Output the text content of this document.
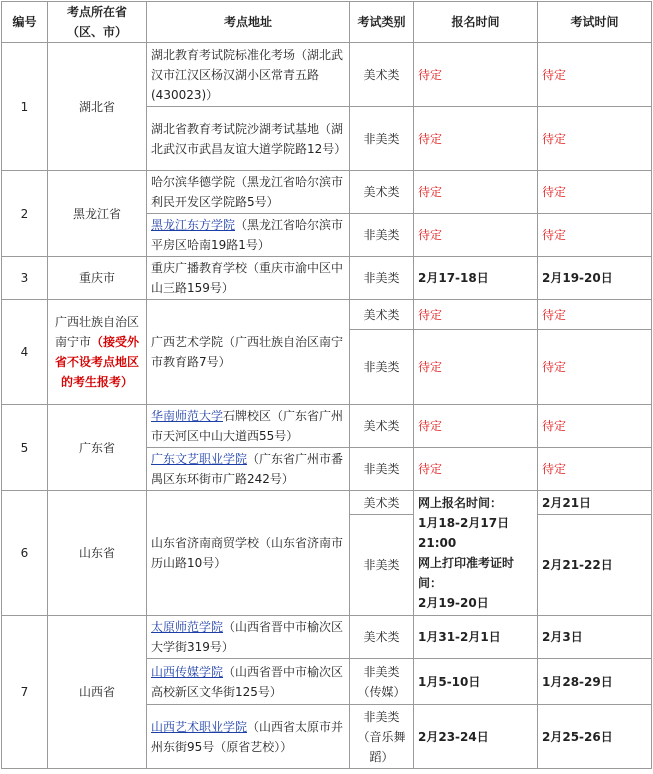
编号	考点所在省（区、市）	考点地址	考试类别	报名时间	考试时间
1	湖北省	湖北教育考试院标准化考场（湖北武汉市江汉区杨汉湖小区常青五路(430023)）	美术类	待定	待定
		湖北省教育考试院沙湖考试基地（湖北武汉市武昌友谊大道学院路12号）	非美类	待定	待定
2	黑龙江省	哈尔滨华德学院（黑龙江省哈尔滨市利民开发区学院路5号）	美术类	待定	待定
		黑龙江东方学院（黑龙江省哈尔滨市平房区哈南19路1号）	非美类	待定	待定
3	重庆市	重庆广播教育学校（重庆市渝中区中山三路159号）	非美类	2月17-18日	2月19-20日
4	广西壮族自治区南宁市（接受外省不设考点地区的考生报考）	广西艺术学院（广西壮族自治区南宁市教育路7号）	美术类	待定	待定
			非美类	待定	待定
5	广东省	华南师范大学石牌校区（广东省广州市天河区中山大道西55号）	美术类	待定	待定
		广东文艺职业学院（广东省广州市番禺区东环街市广路242号）	非美类	待定	待定
6	山东省	山东省济南商贸学校（山东省济南市历山路10号）	美术类	网上报名时间：
1月18-2月17日
21:00
网上打印准考证时间：
2月19-20日	2月21日
			非美类		2月21-22日
7	山西省	太原师范学院（山西省晋中市榆次区大学街319号）	美术类	1月31-2月1日	2月3日
		山西传媒学院（山西省晋中市榆次区高校新区文华街125号）	非美类（传媒）	1月5-10日	1月28-29日
		山西艺术职业学院（山西省太原市并州东街95号（原省艺校））	非美类（音乐舞蹈）	2月23-24日	2月25-26日
